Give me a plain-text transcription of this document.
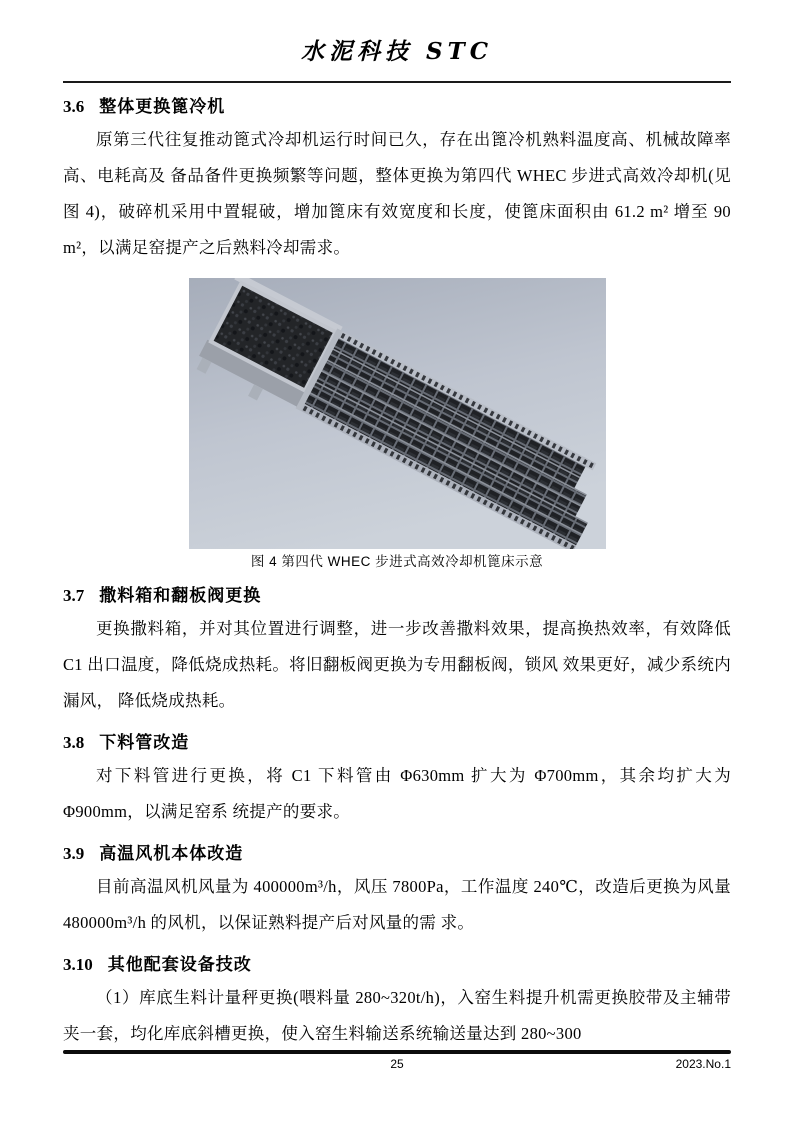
水泥科技 STC
3.6 整体更换篦冷机

原第三代往复推动篦式冷却机运行时间已久，存在出篦冷机熟料温度高、机械故障率高、电耗高及 备品备件更换频繁等问题，整体更换为第四代 WHEC 步进式高效冷却机(见图 4)，破碎机采用中置辊破，增加篦床有效宽度和长度，使篦床面积由 61.2 m² 增至 90 m²，以满足窑提产之后熟料冷却需求。

图 4 第四代 WHEC 步进式高效冷却机篦床示意
3.7 撒料箱和翻板阀更换

更换撒料箱，并对其位置进行调整，进一步改善撒料效果，提高换热效率，有效降低 C1 出口温度，降低烧成热耗。将旧翻板阀更换为专用翻板阀，锁风 效果更好，减少系统内漏风， 降低烧成热耗。

3.8 下料管改造

对下料管进行更换，将 C1 下料管由 Φ630mm 扩大为 Φ700mm，其余均扩大为 Φ900mm，以满足窑系 统提产的要求。

3.9 高温风机本体改造

目前高温风机风量为 400000m³/h，风压 7800Pa，工作温度 240℃，改造后更换为风量 480000m³/h 的风机，以保证熟料提产后对风量的需 求。

3.10 其他配套设备技改

（1）库底生料计量秤更换(喂料量 280~320t/h)，入窑生料提升机需更换胶带及主辅带夹一套，均化库底斜槽更换，使入窑生料输送系统输送量达到 280~300

25	2023.No.1
